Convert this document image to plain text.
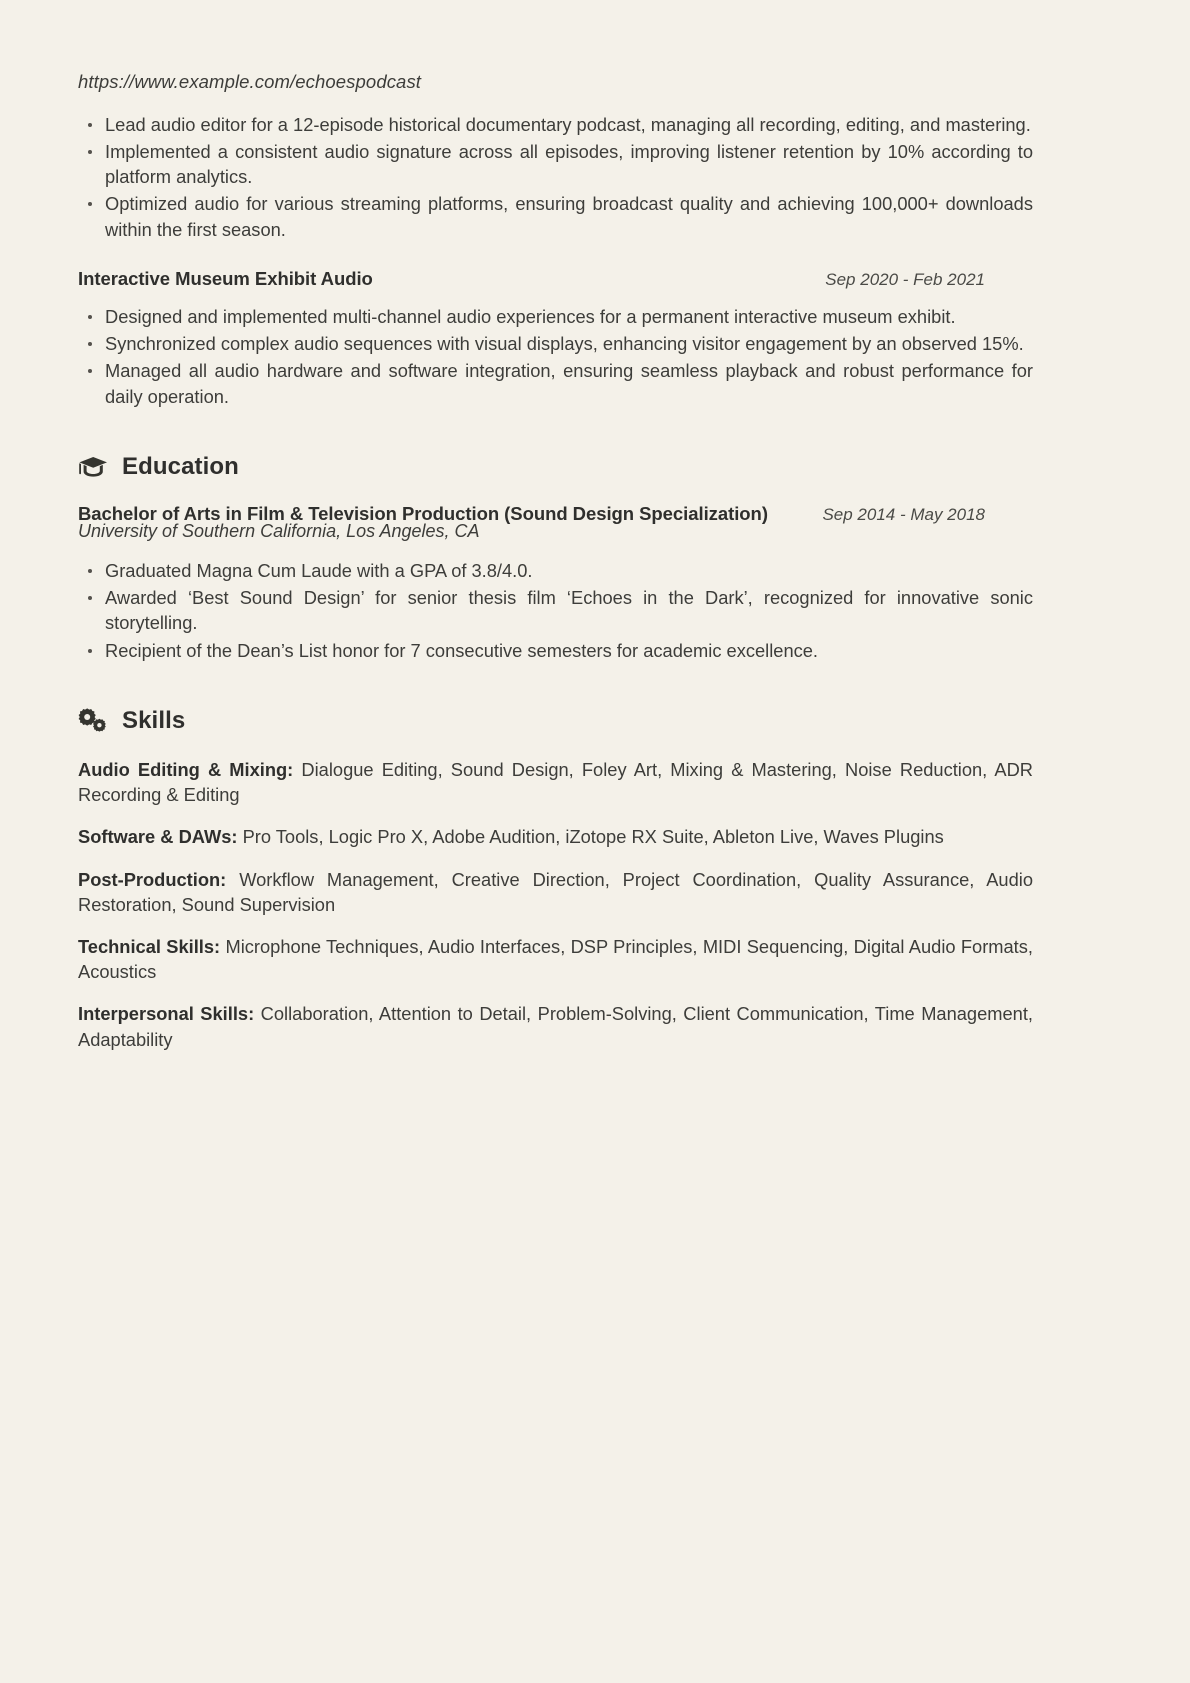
https://www.example.com/echoespodcast
Lead audio editor for a 12-episode historical documentary podcast, managing all recording, editing, and mastering.
Implemented a consistent audio signature across all episodes, improving listener retention by 10% according to platform analytics.
Optimized audio for various streaming platforms, ensuring broadcast quality and achieving 100,000+ downloads within the first season.
Interactive Museum Exhibit Audio	Sep 2020 - Feb 2021
Designed and implemented multi-channel audio experiences for a permanent interactive museum exhibit.
Synchronized complex audio sequences with visual displays, enhancing visitor engagement by an observed 15%.
Managed all audio hardware and software integration, ensuring seamless playback and robust performance for daily operation.
Education
Bachelor of Arts in Film & Television Production (Sound Design Specialization)	Sep 2014 - May 2018
University of Southern California, Los Angeles, CA
Graduated Magna Cum Laude with a GPA of 3.8/4.0.
Awarded ‘Best Sound Design’ for senior thesis film ‘Echoes in the Dark’, recognized for innovative sonic storytelling.
Recipient of the Dean’s List honor for 7 consecutive semesters for academic excellence.
Skills

Audio Editing & Mixing: Dialogue Editing, Sound Design, Foley Art, Mixing & Mastering, Noise Reduction, ADR Recording & Editing

Software & DAWs: Pro Tools, Logic Pro X, Adobe Audition, iZotope RX Suite, Ableton Live, Waves Plugins

Post-Production: Workflow Management, Creative Direction, Project Coordination, Quality Assurance, Audio Restoration, Sound Supervision

Technical Skills: Microphone Techniques, Audio Interfaces, DSP Principles, MIDI Sequencing, Digital Audio Formats, Acoustics

Interpersonal Skills: Collaboration, Attention to Detail, Problem-Solving, Client Communication, Time Management, Adaptability
